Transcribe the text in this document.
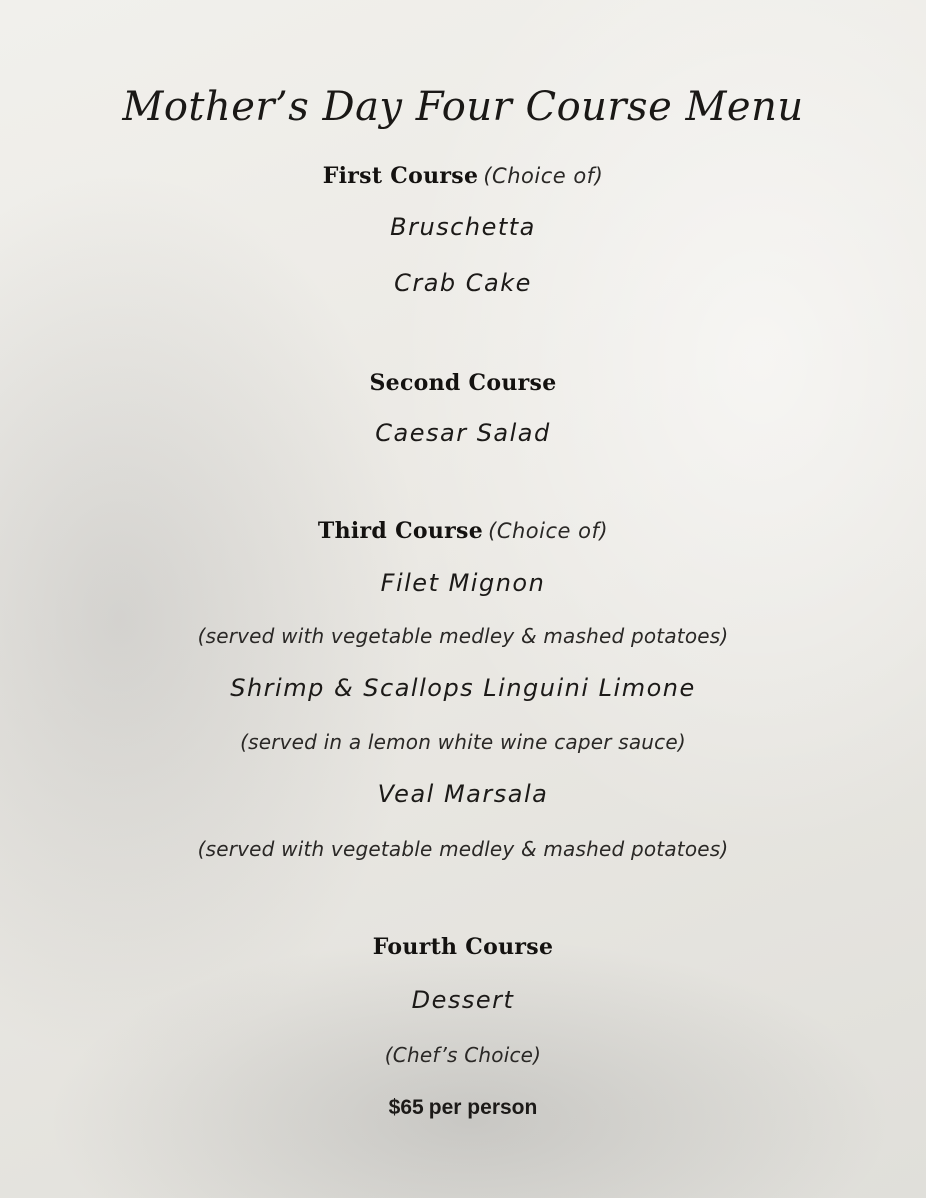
Mother’s Day Four Course Menu
First Course (Choice of)
Bruschetta
Crab Cake
Second Course
Caesar Salad
Third Course (Choice of)
Filet Mignon
(served with vegetable medley & mashed potatoes)
Shrimp & Scallops Linguini Limone
(served in a lemon white wine caper sauce)
Veal Marsala
(served with vegetable medley & mashed potatoes)
Fourth Course
Dessert
(Chef’s Choice)
$65 per person
